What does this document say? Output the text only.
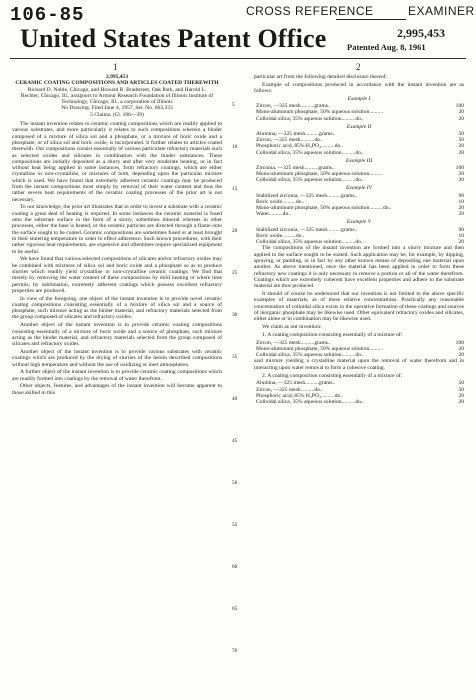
106-85	CROSS REFERENCE	EXAMINER
United States Patent Office	2,995,453
Patented Aug. 8, 1961
1	2
2,995,453
CERAMIC COATING COMPOSITIONS AND ARTICLES COATED THEREWITH
Richard D. Noble, Chicago, and Howard R. Bradstreet, Oak Park, and Harold L. Rechter, Chicago, Ill., assignors to Armour Research Foundation of Illinois Institute of Technology, Chicago, Ill., a corporation of Illinois
No Drawing. Filed June 4, 1957, Ser. No. 663,333
5 Claims. (Cl. 106—39)

The instant invention relates to ceramic coating compositions which are readily applied to various substrates, and more particularly it relates to such compositions wherein a binder composed of a mixture of silica sol and a phosphate, or a mixture of boric oxide and a phosphate, or of silica sol and boric oxide, is incorporated. It further relates to articles coated therewith. Our compositions consist essentially of various particulate refractory materials such as selected oxides and silicates in combination with the binder substances. These compositions are initially deposited as a slurry and after very moderate heating, or in fact without heat being applied in some instances, form refractory coatings, which are either crystalline or non-crystalline, or mixtures of both, depending upon the particular mixture which is used. We have found that extremely adherent ceramic coatings may be produced from the instant compositions most simply by removal of their water content and thus the rather severe heat requirements of the ceramic coating processes of the prior art is not necessary.

To our knowledge, the prior art illustrates that in order to invest a substrate with a ceramic coating a great deal of heating is required. In some instances the ceramic material is fused onto the substrate surface in the form of a slurry, sometimes mineral whereas in other processes, either the base is heated, or the ceramic particles are directed through a flame onto the surface sought to be coated. Ceramic compositions are sometimes fused or at least brought to their sintering temperature in order to effect adherence. Such known procedures, with their rather rigorous heat requirements, are expensive and oftentimes require specialized equipment to be useful.

We have found that various selected compositions of silicates and/or refractory oxides may be combined with mixtures of silica sol and boric oxide and a phosphate so as to produce slurries which readily yield crystalline or non-crystalline ceramic coatings. We find that merely by removing the water content of these compositions by mild heating or where time permits, by sublimation, extremely adherent coatings which possess excellent refractory properties are produced.

In view of the foregoing, one object of the instant invention is to provide novel ceramic coating compositions consisting essentially of a mixture of silica sol and a source of phosphate, such mixture acting as the binder material, and refractory materials selected from the group composed of silicates and refractory oxides.

Another object of the instant invention is to provide ceramic coating compositions consisting essentially of a mixture of boric oxide and a source of phosphate, such mixture acting as the binder material, and refractory materials selected from the group composed of silicates and refractory oxides.

Another object of the instant invention is to provide various substrates with ceramic coatings which are produced by the drying of slurries of the herein described compositions without high temperature and without the use of oxidizing or inert atmospheres.

A further object of the instant invention is to provide ceramic coating compositions which are readily formed into coatings by the removal of water therefrom.

Other objects, features, and advantages of the instant invention will become apparent to those skilled in this

5
10
15
20
25
30
35
40
45
50
55
60
65
70

particular art from the following detailed disclosure thereof.

Example of compositions produced in accordance with the instant invention are as follows:

Example I
Zircon, —325 mesh..........grams..	100
Mono-aluminum phosphate, 50% aqueous solution..........	20
Colloidal silica, 35% aqueous solution..........do..	20
Example II
Alumina, —325 mesh..........grams..	50
Zircon, —325 mesh..........do..	50
Phosphoric acid, 85% H₃PO₄..........do..	20
Colloidal silica, 35% aqueous solution..........do..	20
Example III
Zirconia, —325 mesh..........grams..	100
Mono-aluminum phosphate, 50% aqueous solution..........	20
Colloidal silica, 35% aqueous solution..........do..	20
Example IV
Stabilized zirconia, —325 mesh..........grams..	90
Boric oxide..........do..	10
Mono-aluminum phosphate, 50% aqueous solution..........do..	20
Water..........do..	20
Example V
Stabilized zirconia, —325 mesh..........grams..	90
Boric oxide..........do..	10
Colloidal silica, 35% aqueous solution..........do..	20

The compositions of the instant invention are formed into a slurry mixture and then applied to the surface sought to be coated. Such application may be, for example, by dipping, spraying, or painting, or in fact by any other known means of depositing one material upon another. As above mentioned, once the material has been applied in order to form these refractory new coatings it is only necessary to remove a portion or all of the water therefrom. Coatings which are extremely coherent have excellent properties and adhere to the substrate material are thus produced.

It should of course be understood that our invention is not limited to the above specific examples of materials, as of these relative concentrations. Practically any reasonable concentration of colloidal silica exists in the operative formation of these coatings and sources of inorganic phosphate may be likewise used. Other equivalent refractory oxides and silicates, either alone or in combination may be likewise used.

We claim as our invention:

1. A coating composition consisting essentially of a mixture of:

Zircon, —325 mesh..........grams..	100
Mono-aluminum phosphate, 50% aqueous solution..........	20
Colloidal silica, 35% aqueous solution..........do..	20

said mixture yielding a crystalline material upon the removal of water therefrom and in interacting upon water removal to form a cohesive coating.

2. A coating composition consisting essentially of a mixture of:

Alumina, —325 mesh..........grams..	50
Zircon, —325 mesh..........do..	50
Phosphoric acid, 85% H₃PO₄..........do..	20
Colloidal silica, 35% aqueous solution..........do..	20
